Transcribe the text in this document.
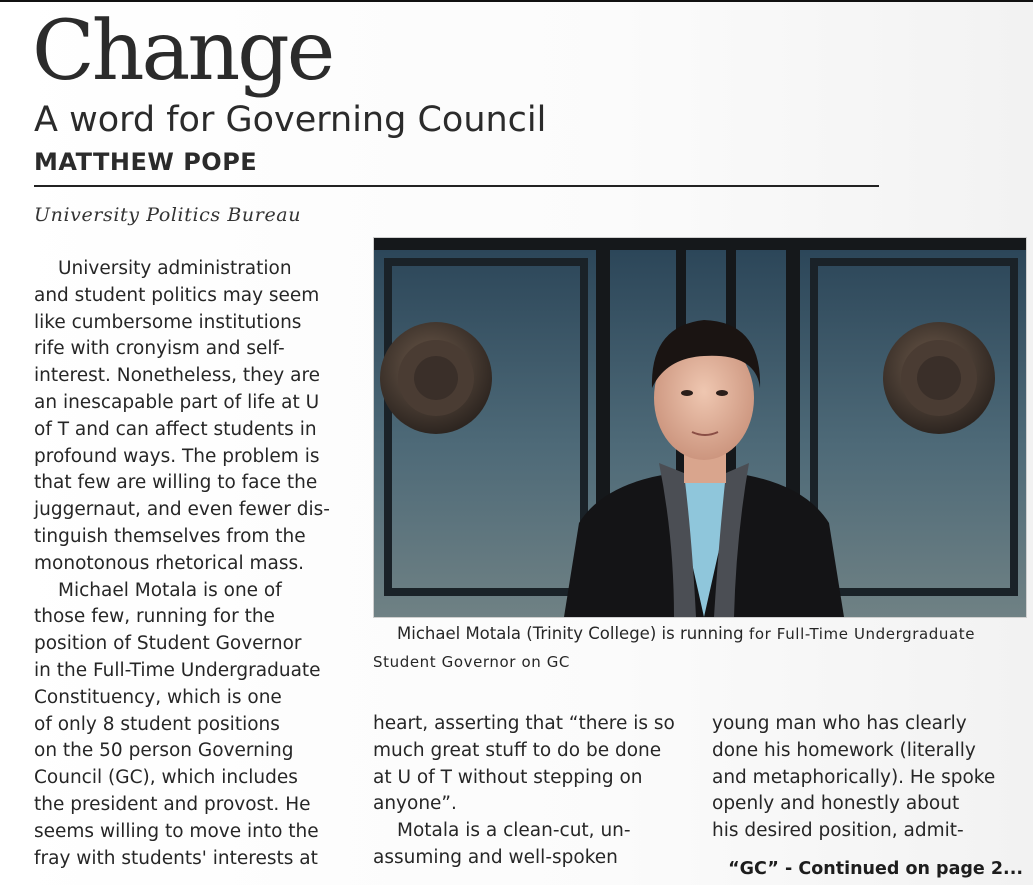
Change
A word for Governing Council
MATTHEW POPE
University Politics Bureau
University administration
and student politics may seem
like cumbersome institutions
rife with cronyism and self-
interest. Nonetheless, they are
an inescapable part of life at U
of T and can affect students in
profound ways. The problem is
that few are willing to face the
juggernaut, and even fewer dis-
tinguish themselves from the
monotonous rhetorical mass.
Michael Motala is one of
those few, running for the
position of Student Governor
in the Full-Time Undergraduate
Constituency, which is one
of only 8 student positions
on the 50 person Governing
Council (GC), which includes
the president and provost. He
seems willing to move into the
fray with students' interests at
Michael Motala (Trinity College) is running for Full-Time Undergraduate
Student Governor on GC
heart, asserting that “there is so
much great stuff to do be done
at U of T without stepping on
anyone”.
Motala is a clean-cut, un-
assuming and well-spoken
young man who has clearly
done his homework (literally
and metaphorically). He spoke
openly and honestly about
his desired position, admit-
“GC” - Continued on page 2...
